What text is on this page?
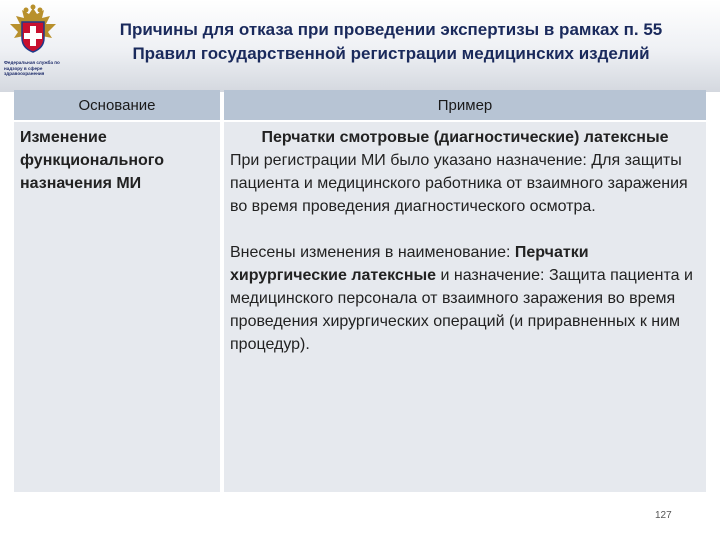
Федеральная служба по надзору в сфере здравоохранения
Причины для отказа при проведении экспертизы в рамках п. 55
Правил государственной регистрации медицинских изделий
Основание	Пример
Изменение
функционального
назначения МИ

Перчатки смотровые (диагностические) латексные

При регистрации МИ было указано назначение: Для защиты пациента и медицинского работника от взаимного заражения во время проведения диагностического осмотра.

Внесены изменения в наименование: Перчатки хирургические латексные и назначение: Защита пациента и медицинского персонала от взаимного заражения во время проведения хирургических операций (и приравненных к ним процедур).

127
